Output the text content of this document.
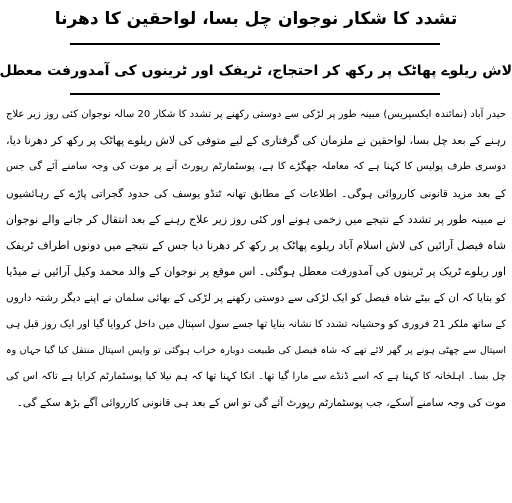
تشدد کا شکار نوجوان چل بسا، لواحقین کا دھرنا
لاش ریلوے پھاٹک پر رکھ کر احتجاج، ٹریفک اور ٹرینوں کی آمدورفت معطل
حیدر آباد (نمائندہ ایکسپریس) مبینہ طور پر لڑکی سے دوستی رکھنے پر تشدد کا شکار 20 سالہ نوجوان کئی روز زیر علاج
رہنے کے بعد چل بسا، لواحقین نے ملزمان کی گرفتاری کے لیے متوفی کی لاش ریلوے پھاٹک پر رکھ کر دھرنا دیا،
دوسری طرف پولیس کا کہنا ہے کہ معاملہ جھگڑے کا ہے، پوسٹمارٹم رپورٹ آنے پر موت کی وجہ سامنے آئے گی جس
کے بعد مزید قانونی کارروائی ہوگی۔ اطلاعات کے مطابق تھانہ ٹنڈو یوسف کی حدود گجراتی پاڑے کے رہائشیوں
نے مبینہ طور پر تشدد کے نتیجے میں زخمی ہونے اور کئی روز زیر علاج رہنے کے بعد انتقال کر جانے والے نوجوان
شاہ فیصل آرائیں کی لاش اسلام آباد ریلوے پھاٹک پر رکھ کر دھرنا دیا جس کے نتیجے میں دونوں اطراف ٹریفک
اور ریلوے ٹریک پر ٹرینوں کی آمدورفت معطل ہوگئی۔ اس موقع پر نوجوان کے والد محمد وکیل آرائیں نے میڈیا
کو بتایا کہ ان کے بیٹے شاہ فیصل کو ایک لڑکی سے دوستی رکھنے پر لڑکی کے بھائی سلمان نے اپنے دیگر رشتہ داروں
کے ساتھ ملکر 21 فروری کو وحشیانہ تشدد کا نشانہ بنایا تھا جسے سول اسپتال میں داخل کروایا گیا اور ایک روز قبل ہی
اسپتال سے چھٹی ہونے پر گھر لائے تھے کہ شاہ فیصل کی طبیعت دوبارہ خراب ہوگئی تو واپس اسپتال منتقل کیا گیا جہاں وہ
چل بسا۔ اہلخانہ کا کہنا ہے کہ اسے ڈنڈے سے مارا گیا تھا۔ انکا کہنا تھا کہ ہم نیلا کیا پوسٹمارٹم کرایا ہے تاکہ اس کی
موت کی وجہ سامنے آسکے، جب پوسٹمارٹم رپورٹ آئے گی تو اس کے بعد ہی قانونی کارروائی آگے بڑھ سکے گی۔
